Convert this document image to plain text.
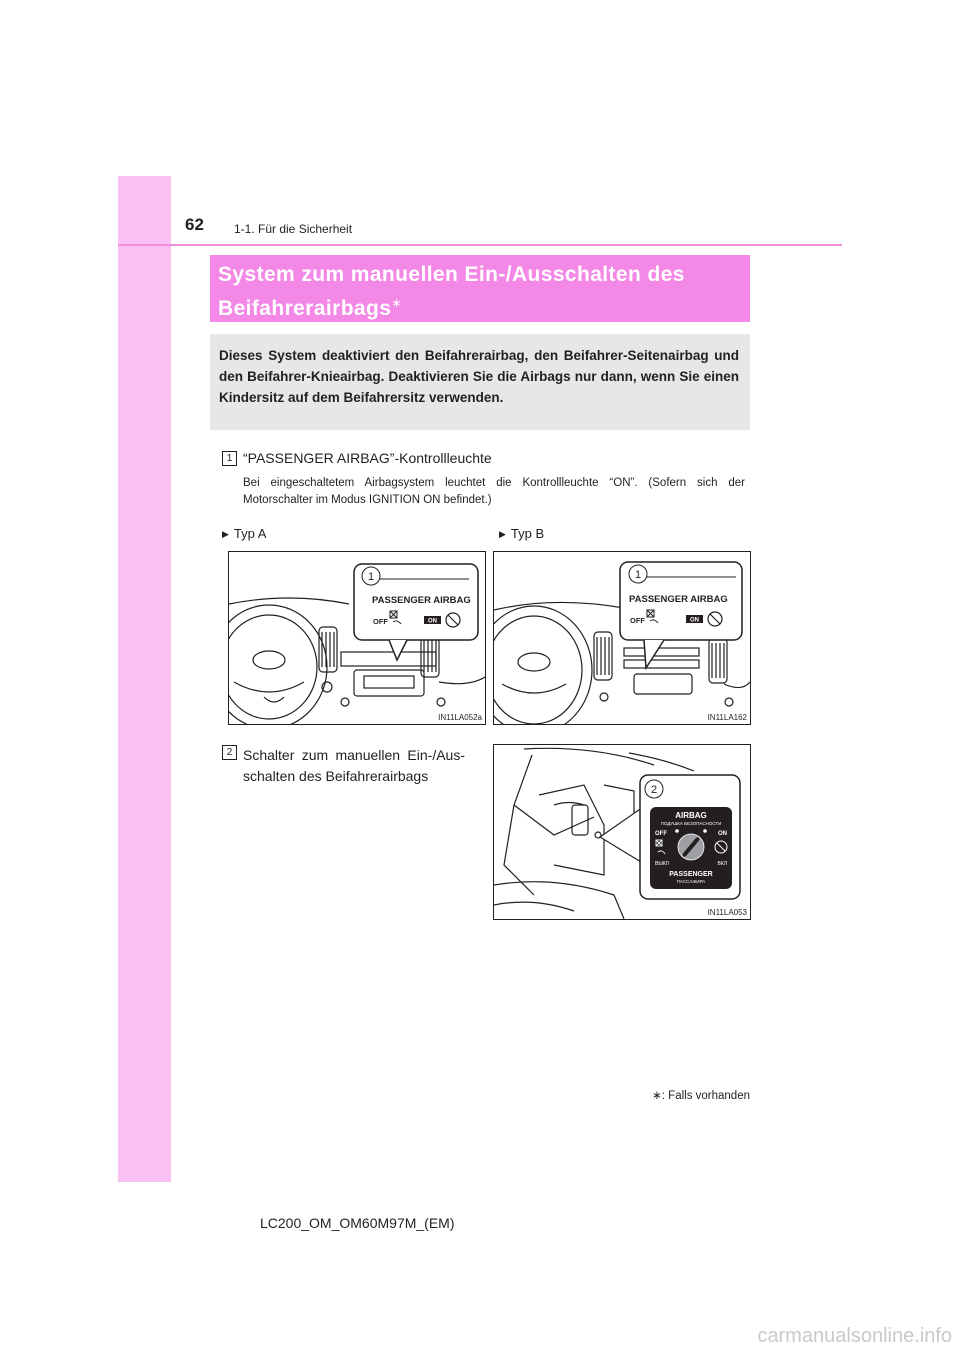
62	1-1. Für die Sicherheit
System zum manuellen Ein-/Ausschalten des Beifahrerairbags∗

Dieses System deaktiviert den Beifahrerairbag, den Beifahrer-Seitenairbag und den Beifahrer-Knieairbag. Deaktivieren Sie die Airbags nur dann, wenn Sie einen Kindersitz auf dem Beifahrersitz verwenden.

1 “PASSENGER AIRBAG”-Kontrollleuchte

Bei eingeschaltetem Airbagsystem leuchtet die Kontrollleuchte “ON”. (Sofern sich der Motorschalter im Modus IGNITION ON befindet.)

▶ Typ A	▶ Typ B
1
PASSENGER AIRBAG
OFF	ON
IN11LA052a
1
PASSENGER AIRBAG
OFF	ON
IN11LA162
2 Schalter zum manuellen Ein-/Aus-schalten des Beifahrerairbags

2
AIRBAG
ПОДУШКА БЕЗОПАСНОСТИ
OFF	ON
ВЫКЛ	ВКЛ
PASSENGER
ПАССАЖИРА
IN11LA053
∗: Falls vorhanden
LC200_OM_OM60M97M_(EM)
carmanualsonline.info
